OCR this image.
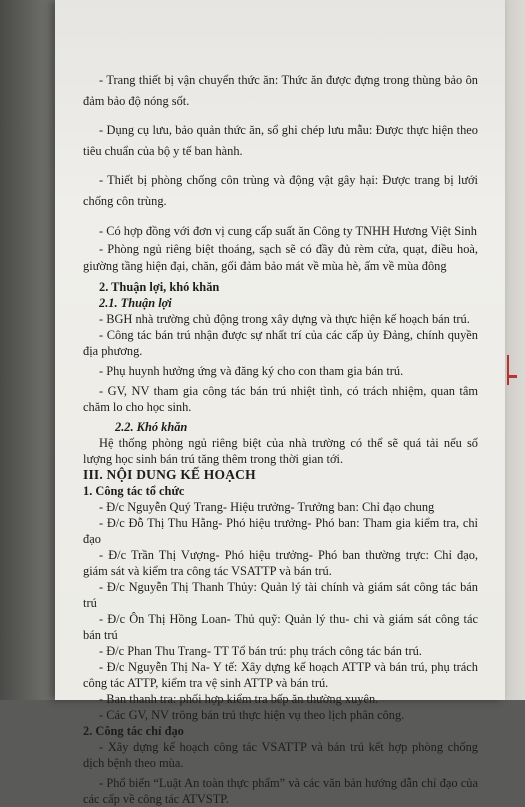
- Trang thiết bị vận chuyển thức ăn: Thức ăn được đựng trong thùng bảo ôn đảm bảo độ nóng sốt.

- Dụng cụ lưu, bảo quản thức ăn, sổ ghi chép lưu mẫu: Được thực hiện theo tiêu chuẩn của bộ y tế ban hành.

- Thiết bị phòng chống côn trùng và động vật gây hại: Được trang bị lưới chống côn trùng.

- Có hợp đồng với đơn vị cung cấp suất ăn Công ty TNHH Hương Việt Sinh

- Phòng ngủ riêng biệt thoáng, sạch sẽ có đầy đủ rèm cửa, quạt, điều hoà, giường tầng hiện đại, chăn, gối đảm bảo mát về mùa hè, ấm về mùa đông

2. Thuận lợi, khó khăn

2.1. Thuận lợi

- BGH nhà trường chủ động trong xây dựng và thực hiện kế hoạch bán trú.

- Công tác bán trú nhận được sự nhất trí của các cấp ủy Đảng, chính quyền địa phương.

- Phụ huynh hưởng ứng và đăng ký cho con tham gia bán trú.

- GV, NV tham gia công tác bán trú nhiệt tình, có trách nhiệm, quan tâm chăm lo cho học sinh.

2.2. Khó khăn

Hệ thống phòng ngủ riêng biệt của nhà trường có thể sẽ quá tải nếu số lượng học sinh bán trú tăng thêm trong thời gian tới.

III. NỘI DUNG KẾ HOẠCH

1. Công tác tổ chức

- Đ/c Nguyễn Quý Trang- Hiệu trưởng- Trưởng ban: Chỉ đạo chung

- Đ/c Đỗ Thị Thu Hằng- Phó hiệu trưởng- Phó ban: Tham gia kiểm tra, chỉ đạo

- Đ/c Trần Thị Vượng- Phó hiệu trưởng- Phó ban thường trực: Chỉ đạo, giám sát và kiểm tra công tác VSATTP và bán trú.

- Đ/c Nguyễn Thị Thanh Thủy: Quản lý tài chính và giám sát công tác bán trú

- Đ/c Ôn Thị Hồng Loan- Thủ quỹ: Quản lý thu- chi và giám sát công tác bán trú

- Đ/c Phan Thu Trang- TT Tổ bán trú: phụ trách công tác bán trú.

- Đ/c Nguyễn Thị Na- Y tế: Xây dựng kế hoạch ATTP và bán trú, phụ trách công tác ATTP, kiểm tra vệ sinh ATTP và bán trú.

- Ban thanh tra: phối hợp kiểm tra bếp ăn thường xuyên.

- Các GV, NV trông bán trú thực hiện vụ theo lịch phân công.

2. Công tác chỉ đạo

- Xây dựng kế hoạch công tác VSATTP và bán trú kết hợp phòng chống dịch bệnh theo mùa.

- Phổ biến “Luật An toàn thực phẩm” và các văn bản hướng dẫn chỉ đạo của các cấp về công tác ATVSTP.
